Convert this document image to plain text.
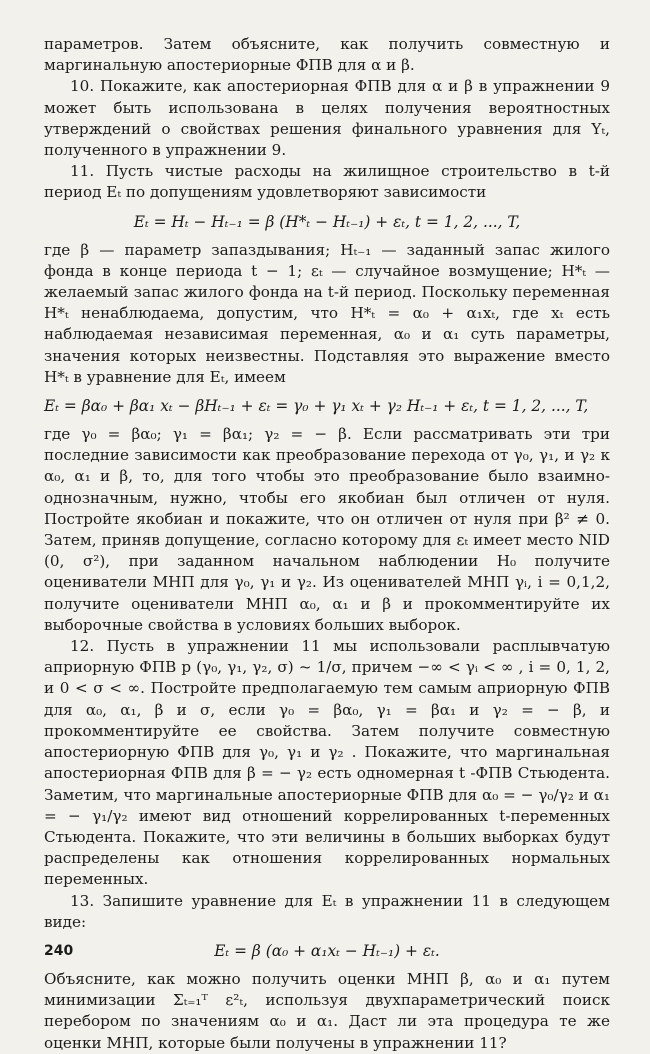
параметров. Затем объясните, как получить совместную и маргинальную апостериорные ФПВ для α и β.

10. Покажите, как апостериорная ФПВ для α и β в упражнении 9 может быть использована в целях получения вероятностных утверждений о свойствах решения финального уравнения для Yₜ, полученного в упражнении 9.

11. Пусть чистые расходы на жилищное строительство в t-й период Eₜ по допущениям удовлетворяют зависимости

Eₜ = Hₜ − Hₜ₋₁ = β (H*ₜ − Hₜ₋₁) + εₜ, t = 1, 2, ..., T,

где β — параметр запаздывания; Hₜ₋₁ — заданный запас жилого фонда в конце периода t − 1; εₜ — случайное возмущение; H*ₜ — желаемый запас жилого фонда на t-й период. Поскольку переменная H*ₜ ненаблюдаема, допустим, что H*ₜ = α₀ + α₁xₜ, где xₜ есть наблюдаемая независимая переменная, α₀ и α₁ суть параметры, значения которых неизвестны. Подставляя это выражение вместо H*ₜ в уравнение для Eₜ, имеем

Eₜ = βα₀ + βα₁ xₜ − βHₜ₋₁ + εₜ = γ₀ + γ₁ xₜ + γ₂ Hₜ₋₁ + εₜ, t = 1, 2, ..., T,

где γ₀ = βα₀; γ₁ = βα₁; γ₂ = − β. Если рассматривать эти три последние зависимости как преобразование перехода от γ₀, γ₁, и γ₂ к α₀, α₁ и β, то, для того чтобы это преобразование было взаимно-однозначным, нужно, чтобы его якобиан был отличен от нуля. Постройте якобиан и покажите, что он отличен от нуля при β² ≠ 0. Затем, приняв допущение, согласно которому для εₜ имеет место NID (0, σ²), при заданном начальном наблюдении H₀ получите оцениватели МНП для γ₀, γ₁ и γ₂. Из оценивателей МНП γᵢ, i = 0,1,2, получите оцениватели МНП α₀, α₁ и β и прокомментируйте их выборочные свойства в условиях больших выборок.

12. Пусть в упражнении 11 мы использовали расплывчатую априорную ФПВ p (γ₀, γ₁, γ₂, σ) ~ 1/σ, причем −∞ < γᵢ < ∞ , i = 0, 1, 2, и 0 < σ < ∞. Постройте предполагаемую тем самым априорную ФПВ для α₀, α₁, β и σ, если γ₀ = βα₀, γ₁ = βα₁ и γ₂ = − β, и прокомментируйте ее свойства. Затем получите совместную апостериорную ФПВ для γ₀, γ₁ и γ₂ . Покажите, что маргинальная апостериорная ФПВ для β = − γ₂ есть одномерная t -ФПВ Стьюдента. Заметим, что маргинальные апостериорные ФПВ для α₀ = − γ₀/γ₂ и α₁ = − γ₁/γ₂ имеют вид отношений коррелированных t-переменных Стьюдента. Покажите, что эти величины в больших выборках будут распределены как отношения коррелированных нормальных переменных.

13. Запишите уравнение для Eₜ в упражнении 11 в следующем виде:

Eₜ = β (α₀ + α₁xₜ − Hₜ₋₁) + εₜ.

Объясните, как можно получить оценки МНП β, α₀ и α₁ путем минимизации Σₜ₌₁ᵀ ε²ₜ, используя двухпараметрический поиск перебором по значениям α₀ и α₁. Даст ли эта процедура те же оценки МНП, которые были получены в упражнении 11?

240
